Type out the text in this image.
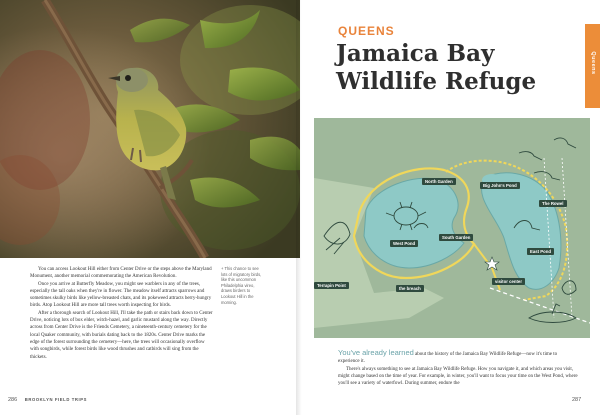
You can access Lookout Hill either from Center Drive or the steps above the Maryland Monument, another memorial commemorating the American Revolution.

Once you arrive at Butterfly Meadow, you might see warblers in any of the trees, especially the tall oaks when they're in flower. The meadow itself attracts sparrows and sometimes skulky birds like yellow-breasted chats, and its pokeweed attracts berry-hungry birds. Atop Lookout Hill are more tall trees worth inspecting for birds.

After a thorough search of Lookout Hill, I'll take the path or stairs back down to Center Drive, noticing lots of box elder, witch-hazel, and garlic mustard along the way. Directly across from Center Drive is the Friends Cemetery, a nineteenth-century cemetery for the local Quaker community, with burials dating back to the 1820s. Center Drive marks the edge of the forest surrounding the cemetery—here, the trees will occasionally overflow with songbirds, while forest birds like wood thrushes and catbirds will sing from the thickets.

+ This chance to see lots of migratory birds, like this uncommon Philadelphia vireo, draws birders to Lookout Hill in the morning.
286 BROOKLYN FIELD TRIPS
QUEENS
Jamaica Bay Wildlife Refuge
Queens
North Garden
Big John's Pond
The Rowel
South Garden
West Pond
East Pond
Terrapin Point
the breach
visitor center

You've already learned about the history of the Jamaica Bay Wildlife Refuge—now it's time to experience it.

There's always something to see at Jamaica Bay Wildlife Refuge. How you navigate it, and which areas you visit, might change based on the time of year. For example, in winter, you'll want to focus your time on the West Pond, where you'll see a variety of waterfowl. During summer, endure the

287
